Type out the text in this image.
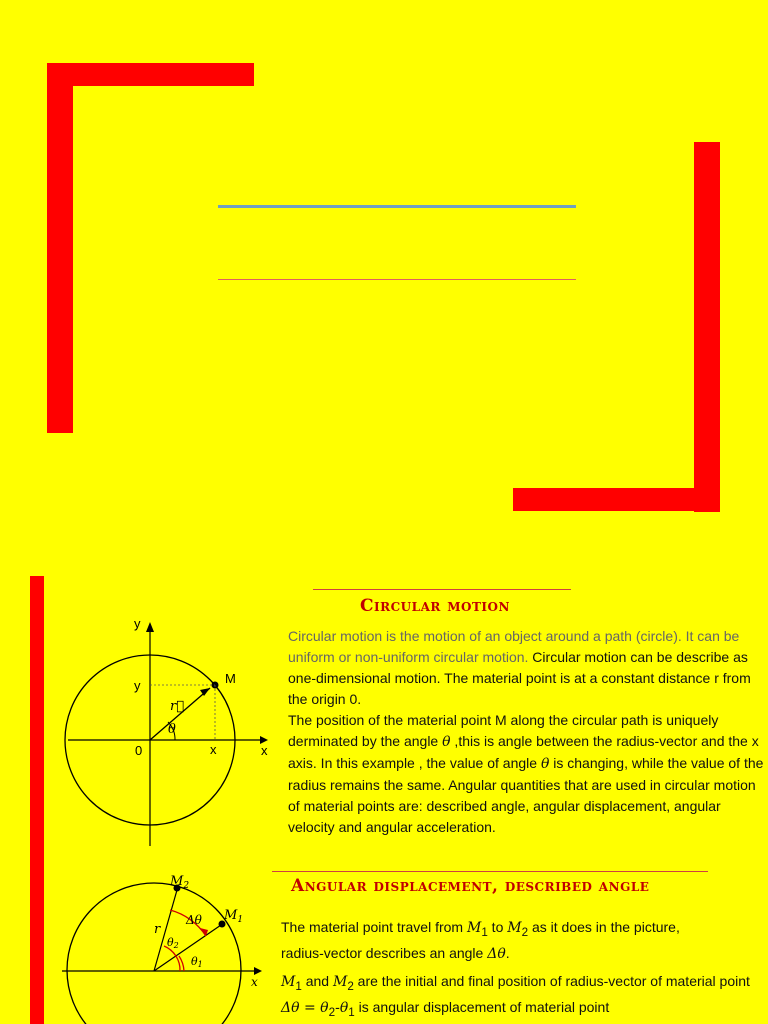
Circular motion
y
x
y
x
0
M
r⃗
θ

Circular motion is the motion of an object around a path (circle). It can be uniform or non-uniform circular motion. Circular motion can be describe as one-dimensional motion. The material point is at a constant distance r from the origin 0.

The position of the material point M along the circular path is uniquely derminated by the angle θ ,this is angle between the radius-vector and the x axis. In this example , the value of angle θ is changing, while the value of the radius remains the same. Angular quantities that are used in circular motion of material points are: described angle, angular displacement, angular velocity and angular acceleration.

Angular displacement, described angle
$M_2$
$M_1$
r
Δθ
θ2
θ1
x

The material point travel from $M_1$ to $M_2$ as it does in the picture,

radius-vector describes an angle Δθ.

$M_1$ and $M_2$ are the initial and final position of radius-vector of material point

$\Delta\theta = \theta_2-\theta_1$ is angular displacement of material point
